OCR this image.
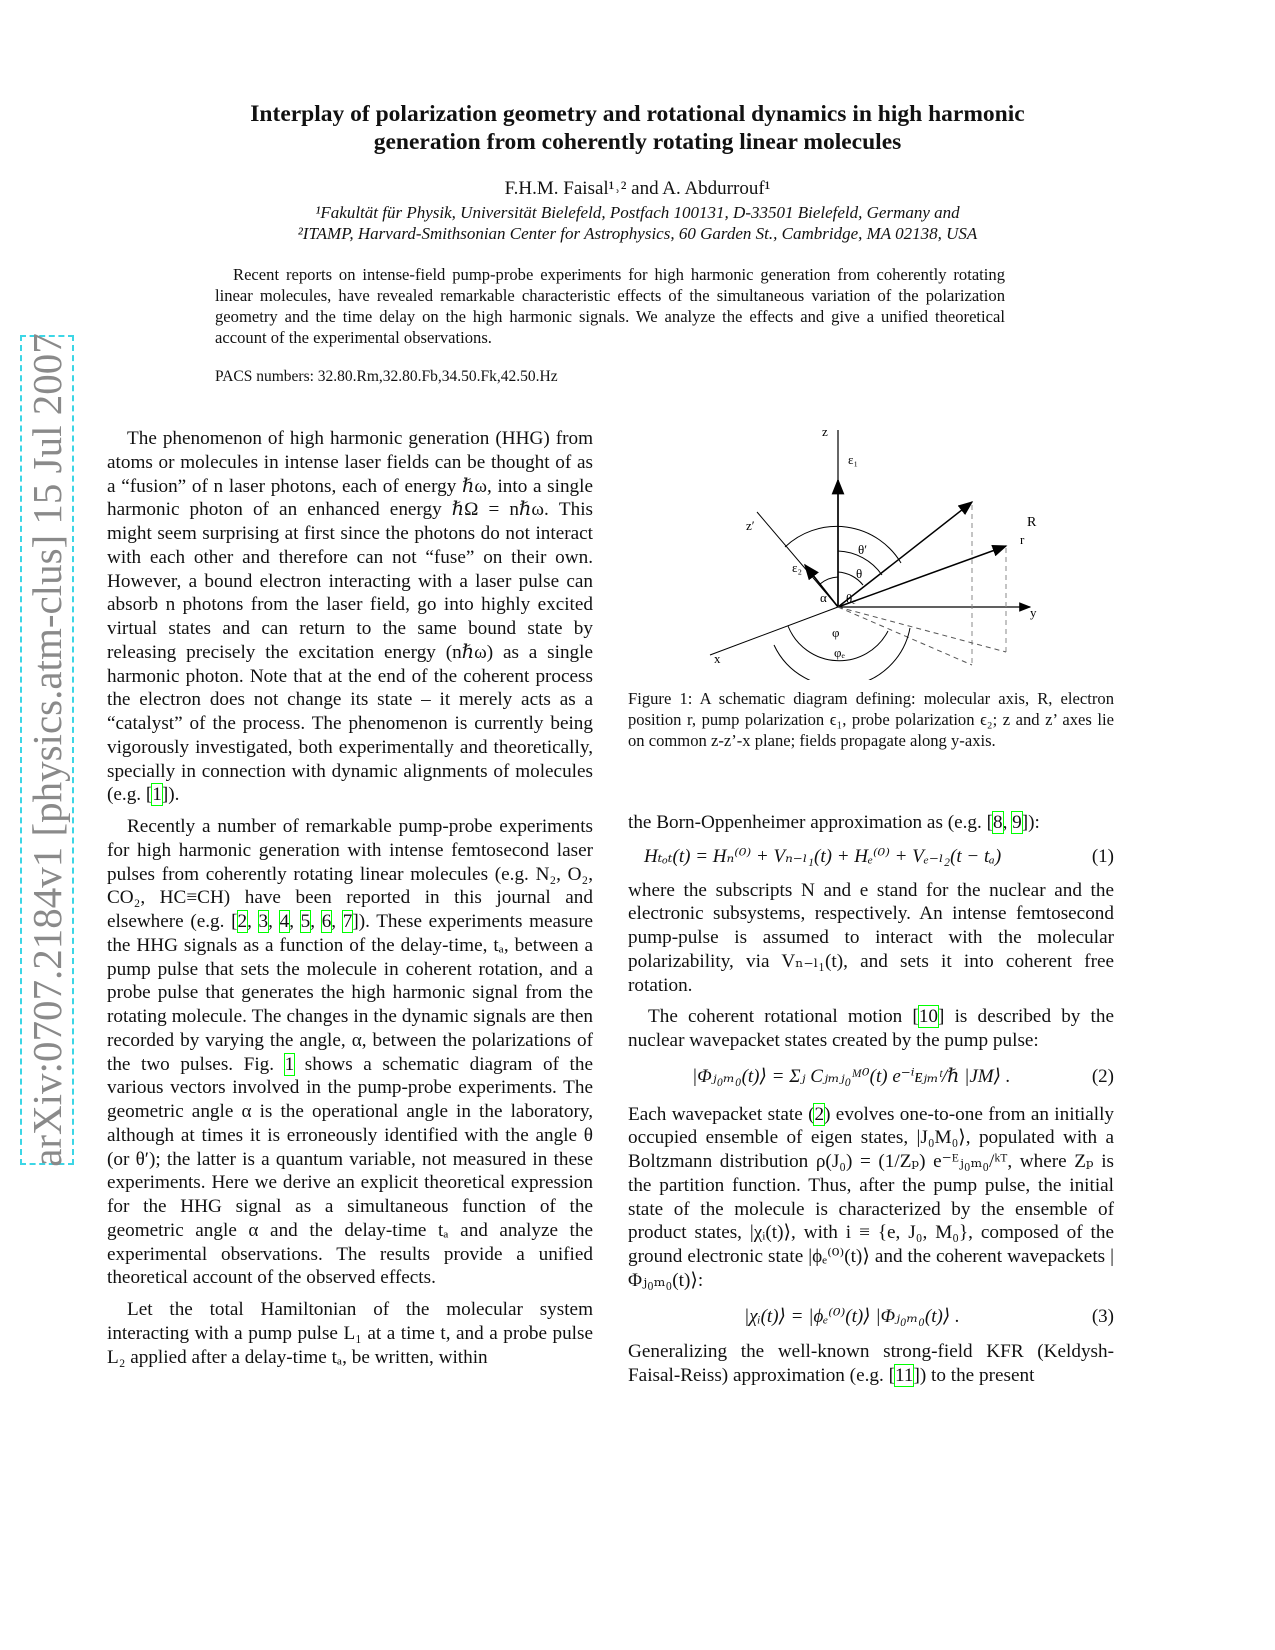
arXiv:0707.2184v1 [physics.atm-clus] 15 Jul 2007
Interplay of polarization geometry and rotational dynamics in high harmonic
generation from coherently rotating linear molecules
F.H.M. Faisal¹˒² and A. Abdurrouf¹
¹Fakultät für Physik, Universität Bielefeld, Postfach 100131, D-33501 Bielefeld, Germany and
²ITAMP, Harvard-Smithsonian Center for Astrophysics, 60 Garden St., Cambridge, MA 02138, USA
Recent reports on intense-field pump-probe experiments for high harmonic generation from coherently rotating linear molecules, have revealed remarkable characteristic effects of the simultaneous variation of the polarization geometry and the time delay on the high harmonic signals. We analyze the effects and give a unified theoretical account of the experimental observations.
PACS numbers: 32.80.Rm,32.80.Fb,34.50.Fk,42.50.Hz

The phenomenon of high harmonic generation (HHG) from atoms or molecules in intense laser fields can be thought of as a “fusion” of n laser photons, each of energy ℏω, into a single harmonic photon of an enhanced energy ℏΩ = nℏω. This might seem surprising at first since the photons do not interact with each other and therefore can not “fuse” on their own. However, a bound electron interacting with a laser pulse can absorb n photons from the laser field, go into highly excited virtual states and can return to the same bound state by releasing precisely the excitation energy (nℏω) as a single harmonic photon. Note that at the end of the coherent process the electron does not change its state – it merely acts as a “catalyst” of the process. The phenomenon is currently being vigorously investigated, both experimentally and theoretically, specially in connection with dynamic alignments of molecules (e.g. [1]).

Recently a number of remarkable pump-probe experiments for high harmonic generation with intense femtosecond laser pulses from coherently rotating linear molecules (e.g. N₂, O₂, CO₂, HC≡CH) have been reported in this journal and elsewhere (e.g. [2, 3, 4, 5, 6, 7]). These experiments measure the HHG signals as a function of the delay-time, tₐ, between a pump pulse that sets the molecule in coherent rotation, and a probe pulse that generates the high harmonic signal from the rotating molecule. The changes in the dynamic signals are then recorded by varying the angle, α, between the polarizations of the two pulses. Fig. 1 shows a schematic diagram of the various vectors involved in the pump-probe experiments. The geometric angle α is the operational angle in the laboratory, although at times it is erroneously identified with the angle θ (or θ′); the latter is a quantum variable, not measured in these experiments. Here we derive an explicit theoretical expression for the HHG signal as a simultaneous function of the geometric angle α and the delay-time tₐ and analyze the experimental observations. The results provide a unified theoretical account of the observed effects.

Let the total Hamiltonian of the molecular system interacting with a pump pulse L₁ at a time t, and a probe pulse L₂ applied after a delay-time tₐ, be written, within

z
ε₁
z′
ε₂
R
r
θ′
θ
α θₑ
y
x
φ
φₑ
Figure 1: A schematic diagram defining: molecular axis, R, electron position r, pump polarization ϵ₁, probe polarization ϵ₂; z and z’ axes lie on common z-z’-x plane; fields propagate along y-axis.

the Born-Oppenheimer approximation as (e.g. [8, 9]):

Hₜₒₜ(t) = Hₙ⁽⁰⁾ + Vₙ₋ₗ₁(t) + Hₑ⁽⁰⁾ + Vₑ₋ₗ₂(t − tₐ)	(1)

where the subscripts N and e stand for the nuclear and the electronic subsystems, respectively. An intense femtosecond pump-pulse is assumed to interact with the molecular polarizability, via Vₙ₋ₗ₁(t), and sets it into coherent free rotation.

The coherent rotational motion [10] is described by the nuclear wavepacket states created by the pump pulse:

|Φⱼ₀ₘ₀(t)⟩ = Σⱼ Cⱼₘⱼ₀ᴹ⁰(t) e⁻ⁱᴇⱼₘᵗ/ℏ |JM⟩ .	(2)

Each wavepacket state (2) evolves one-to-one from an initially occupied ensemble of eigen states, |J₀M₀⟩, populated with a Boltzmann distribution ρ(J₀) = (1/Zₚ) e⁻ᴱⱼ₀ₘ₀/ᵏᵀ, where Zₚ is the partition function. Thus, after the pump pulse, the initial state of the molecule is characterized by the ensemble of product states, |χᵢ(t)⟩, with i ≡ {e, J₀, M₀}, composed of the ground electronic state |ϕₑ⁽⁰⁾(t)⟩ and the coherent wavepackets |Φⱼ₀ₘ₀(t)⟩:

|χᵢ(t)⟩ = |ϕₑ⁽⁰⁾(t)⟩ |Φⱼ₀ₘ₀(t)⟩ .	(3)

Generalizing the well-known strong-field KFR (Keldysh-Faisal-Reiss) approximation (e.g. [11]) to the present
